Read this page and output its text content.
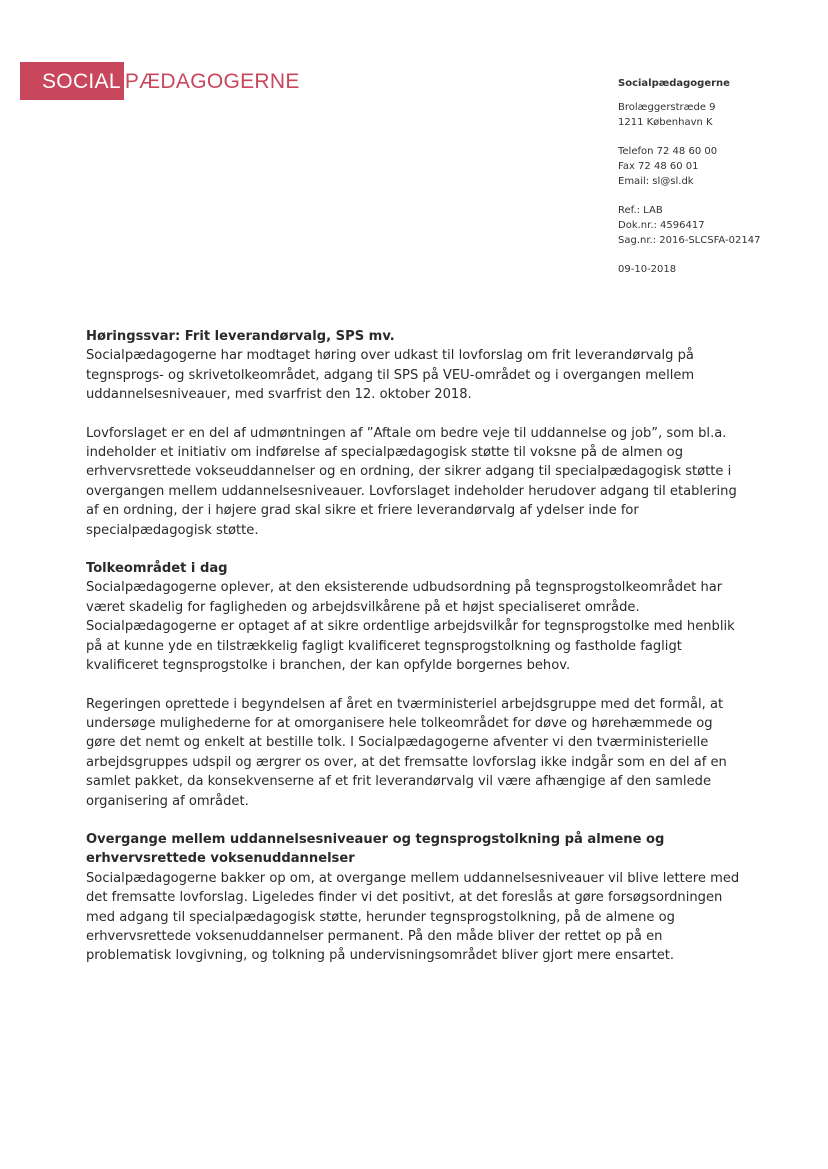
SOCIAL PÆDAGOGERNE	Socialpædagogerne
Brolæggerstræde 9
1211 København K
Telefon 72 48 60 00
Fax 72 48 60 01
Email: sl@sl.dk
Ref.: LAB
Dok.nr.: 4596417
Sag.nr.: 2016-SLCSFA-02147
09-10-2018
Høringssvar: Frit leverandørvalg, SPS mv.

Socialpædagogerne har modtaget høring over udkast til lovforslag om frit leverandørvalg på tegnsprogs- og skrivetolkeområdet, adgang til SPS på VEU-området og i overgangen mellem uddannelsesniveauer, med svarfrist den 12. oktober 2018.

Lovforslaget er en del af udmøntningen af ”Aftale om bedre veje til uddannelse og job”, som bl.a. indeholder et initiativ om indførelse af specialpædagogisk støtte til voksne på de almen og erhvervsrettede vokseuddannelser og en ordning, der sikrer adgang til specialpædagogisk støtte i overgangen mellem uddannelsesniveauer. Lovforslaget indeholder herudover adgang til etablering af en ordning, der i højere grad skal sikre et friere leverandørvalg af ydelser inde for specialpædagogisk støtte.

Tolkeområdet i dag

Socialpædagogerne oplever, at den eksisterende udbudsordning på tegnsprogstolkeområdet har været skadelig for fagligheden og arbejdsvilkårene på et højst specialiseret område. Socialpædagogerne er optaget af at sikre ordentlige arbejdsvilkår for tegnsprogstolke med henblik på at kunne yde en tilstrækkelig fagligt kvalificeret tegnsprogstolkning og fastholde fagligt kvalificeret tegnsprogstolke i branchen, der kan opfylde borgernes behov.

Regeringen oprettede i begyndelsen af året en tværministeriel arbejdsgruppe med det formål, at undersøge mulighederne for at omorganisere hele tolkeområdet for døve og hørehæmmede og gøre det nemt og enkelt at bestille tolk. I Socialpædagogerne afventer vi den tværministerielle arbejdsgruppes udspil og ærgrer os over, at det fremsatte lovforslag ikke indgår som en del af en samlet pakket, da konsekvenserne af et frit leverandørvalg vil være afhængige af den samlede organisering af området.

Overgange mellem uddannelsesniveauer og tegnsprogstolkning på almene og erhvervsrettede voksenuddannelser

Socialpædagogerne bakker op om, at overgange mellem uddannelsesniveauer vil blive lettere med det fremsatte lovforslag. Ligeledes finder vi det positivt, at det foreslås at gøre forsøgsordningen med adgang til specialpædagogisk støtte, herunder tegnsprogstolkning, på de almene og erhvervsrettede voksenuddannelser permanent. På den måde bliver der rettet op på en problematisk lovgivning, og tolkning på undervisningsområdet bliver gjort mere ensartet.
